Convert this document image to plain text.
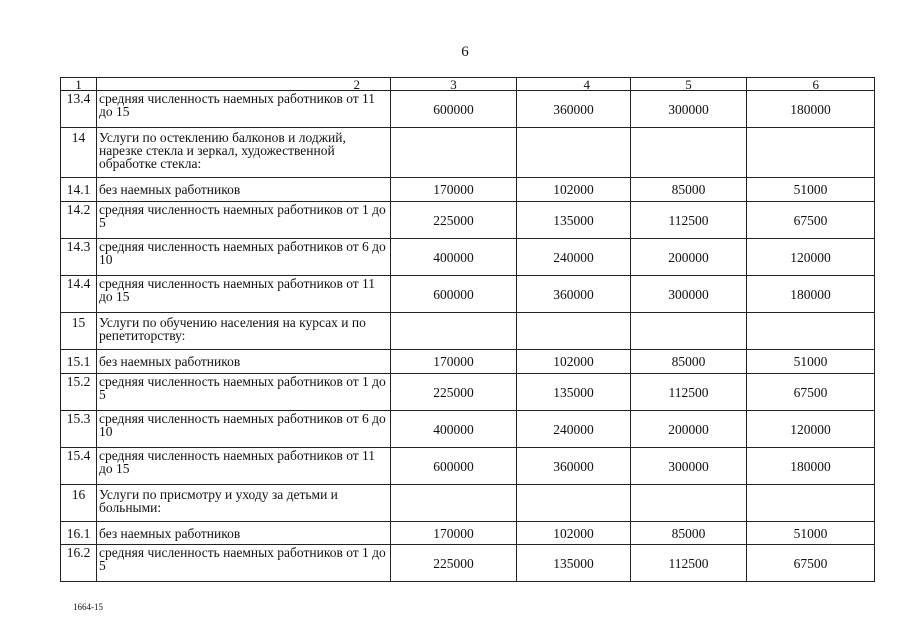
6
1	2	3	4	5	6
13.4	средняя численность наемных работников от 11 до 15	600000	360000	300000	180000
14	Услуги по остеклению балконов и лоджий, нарезке стекла и зеркал, художественной обработке стекла:				
14.1	без наемных работников	170000	102000	85000	51000
14.2	средняя численность наемных работников от 1 до 5	225000	135000	112500	67500
14.3	средняя численность наемных работников от 6 до 10	400000	240000	200000	120000
14.4	средняя численность наемных работников от 11 до 15	600000	360000	300000	180000
15	Услуги по обучению населения на курсах и по репетиторству:				
15.1	без наемных работников	170000	102000	85000	51000
15.2	средняя численность наемных работников от 1 до 5	225000	135000	112500	67500
15.3	средняя численность наемных работников от 6 до 10	400000	240000	200000	120000
15.4	средняя численность наемных работников от 11 до 15	600000	360000	300000	180000
16	Услуги по присмотру и уходу за детьми и больными:				
16.1	без наемных работников	170000	102000	85000	51000
16.2	средняя численность наемных работников от 1 до 5	225000	135000	112500	67500
1664-15
